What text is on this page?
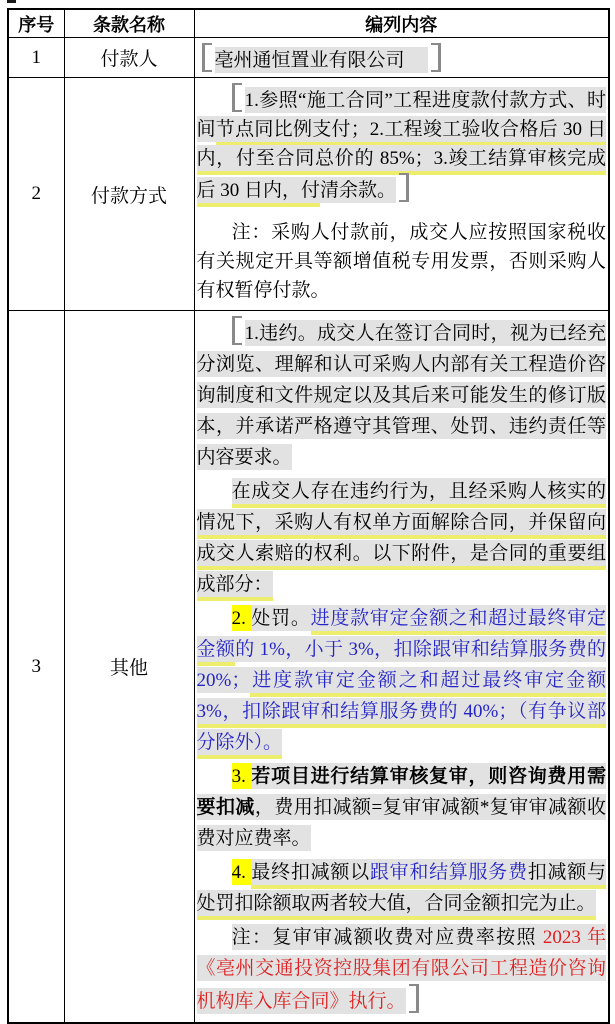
序号	条款名称	编列内容
1	付款人	亳州通恒置业有限公司　

2	付款方式	1.参照“施工合同”工程进度款付款方式、时间节点同比例支付；2.工程竣工验收合格后 30 日内，付至合同总价的 85%；3.竣工结算审核完成后 30 日内，付清余款。
注：采购人付款前，成交人应按照国家税收有关规定开具等额增值税专用发票，否则采购人有权暂停付款。

3	其他	
1.违约。成交人在签订合同时，视为已经充分浏览、理解和认可采购人内部有关工程造价咨询制度和文件规定以及其后来可能发生的修订版本，并承诺严格遵守其管理、处罚、违约责任等内容要求。
在成交人存在违约行为，且经采购人核实的情况下，采购人有权单方面解除合同，并保留向成交人索赔的权利。以下附件，是合同的重要组成部分：
2. 处罚。进度款审定金额之和超过最终审定金额的 1%，小于 3%，扣除跟审和结算服务费的 20%；进度款审定金额之和超过最终审定金额 3%，扣除跟审和结算服务费的 40%；（有争议部分除外）。
3. 若项目进行结算审核复审，则咨询费用需要扣减，费用扣减额=复审审减额*复审审减额收费对应费率。
4. 最终扣减额以跟审和结算服务费扣减额与处罚扣除额取两者较大值，合同金额扣完为止。
注：复审审减额收费对应费率按照 2023 年《亳州交通投资控股集团有限公司工程造价咨询机构库入库合同》执行。
